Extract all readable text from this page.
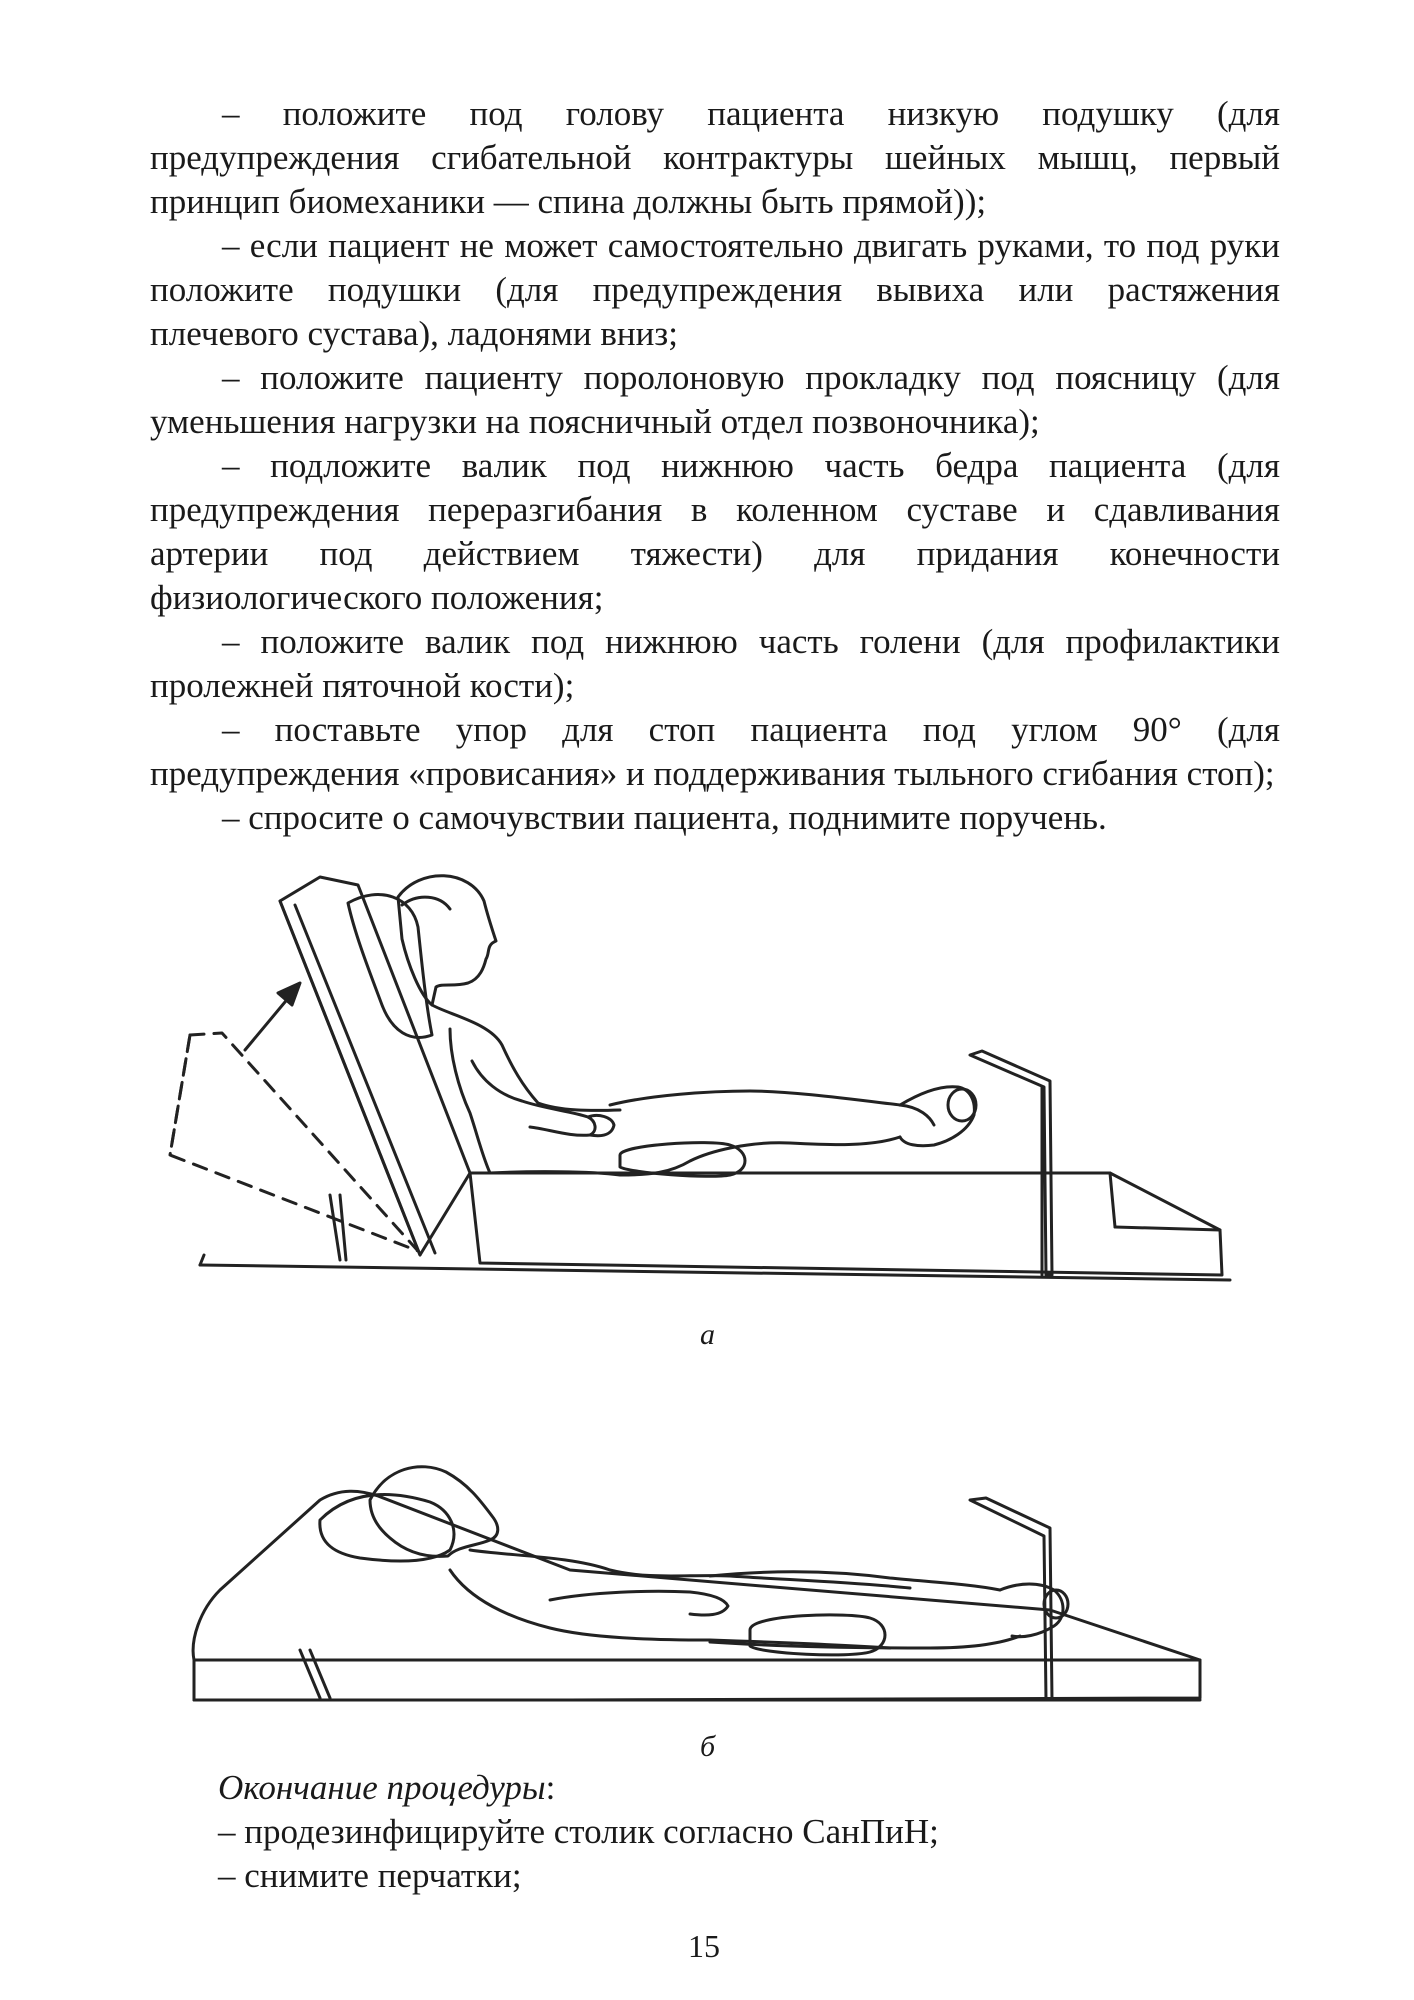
– положите под голову пациента низкую подушку (для предупреждения сгибательной контрактуры шейных мышц, первый принцип биомеханики — спина должны быть прямой));

– если пациент не может самостоятельно двигать руками, то под руки положите подушки (для предупреждения вывиха или растяжения плечевого сустава), ладонями вниз;

– положите пациенту поролоновую прокладку под поясницу (для уменьшения нагрузки на поясничный отдел позвоночника);

– подложите валик под нижнюю часть бедра пациента (для предупреждения переразгибания в коленном суставе и сдавливания артерии под действием тяжести) для придания конечности физиологического положения;

– положите валик под нижнюю часть голени (для профилактики пролежней пяточной кости);

– поставьте упор для стоп пациента под углом 90° (для предупреждения «провисания» и поддерживания тыльного сгибания стоп);

– спросите о самочувствии пациента, поднимите поручень.

а
б

Окончание процедуры:

– продезинфицируйте столик согласно СанПиН;

– снимите перчатки;

15
